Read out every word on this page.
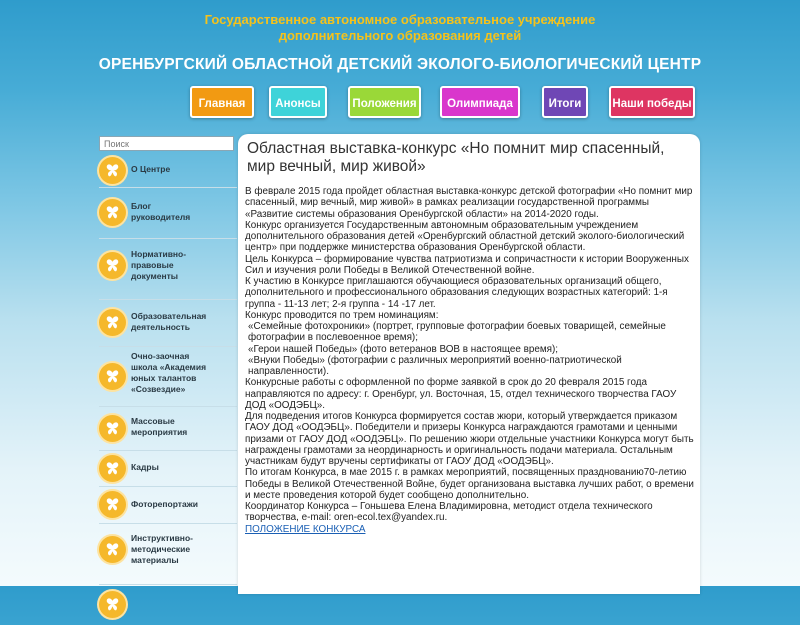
Государственное автономное образовательное учреждение
дополнительного образования детей
ОРЕНБУРГСКИЙ ОБЛАСТНОЙ ДЕТСКИЙ ЭКОЛОГО-БИОЛОГИЧЕСКИЙ ЦЕНТР
Главная	Анонсы	Положения	Олимпиада	Итоги	Наши победы
Поиск
О Центре
Блог
руководителя
Нормативно-
правовые
документы
Образовательная
деятельность
Очно-заочная
школа «Академия
юных талантов
«Созвездие»
Массовые
мероприятия
Кадры
Фоторепортажи
Инструктивно-
методические
материалы
Областная выставка-конкурс «Но помнит мир спасенный, мир вечный, мир живой»

В феврале 2015 года пройдет областная выставка-конкурс детской фотографии «Но помнит мир спасенный, мир вечный, мир живой» в рамках реализации государственной программы «Развитие системы образования Оренбургской области» на 2014-2020 годы.

Конкурс организуется Государственным автономным образовательным учреждением дополнительного образования детей «Оренбургский областной детский эколого-биологический центр» при поддержке министерства образования Оренбургской области.

Цель Конкурса – формирование чувства патриотизма и сопричастности к истории Вооруженных Сил и изучения роли Победы в Великой Отечественной войне.

К участию в Конкурсе приглашаются обучающиеся образовательных организаций общего, дополнительного и профессионального образования следующих возрастных категорий: 1-я группа - 11-13 лет; 2-я группа - 14 -17 лет.

Конкурс проводится по трем номинациям:

«Семейные фотохроники» (портрет, групповые фотографии боевых товарищей, семейные фотографии в послевоенное время);

«Герои нашей Победы» (фото ветеранов ВОВ в настоящее время);

«Внуки Победы» (фотографии с различных мероприятий военно-патриотической направленности).

Конкурсные работы с оформленной по форме заявкой в срок до 20 февраля 2015 года направляются по адресу: г. Оренбург, ул. Восточная, 15, отдел технического творчества ГАОУ ДОД «ООДЭБЦ».

Для подведения итогов Конкурса формируется состав жюри, который утверждается приказом ГАОУ ДОД «ООДЭБЦ». Победители и призеры Конкурса награждаются грамотами и ценными призами от ГАОУ ДОД «ООДЭБЦ». По решению жюри отдельные участники Конкурса могут быть награждены грамотами за неординарность и оригинальность подачи материала. Остальным участникам будут вручены сертификаты от ГАОУ ДОД «ООДЭБЦ».

По итогам Конкурса, в мае 2015 г. в рамках мероприятий, посвященных празднованию70-летию Победы в Великой Отечественной Войне, будет организована выставка лучших работ, о времени и месте проведения которой будет сообщено дополнительно.

Координатор Конкурса – Гоньшева Елена Владимировна, методист отдела технического творчества, e-mail: oren-ecol.tex@yandex.ru.

ПОЛОЖЕНИЕ КОНКУРСА
